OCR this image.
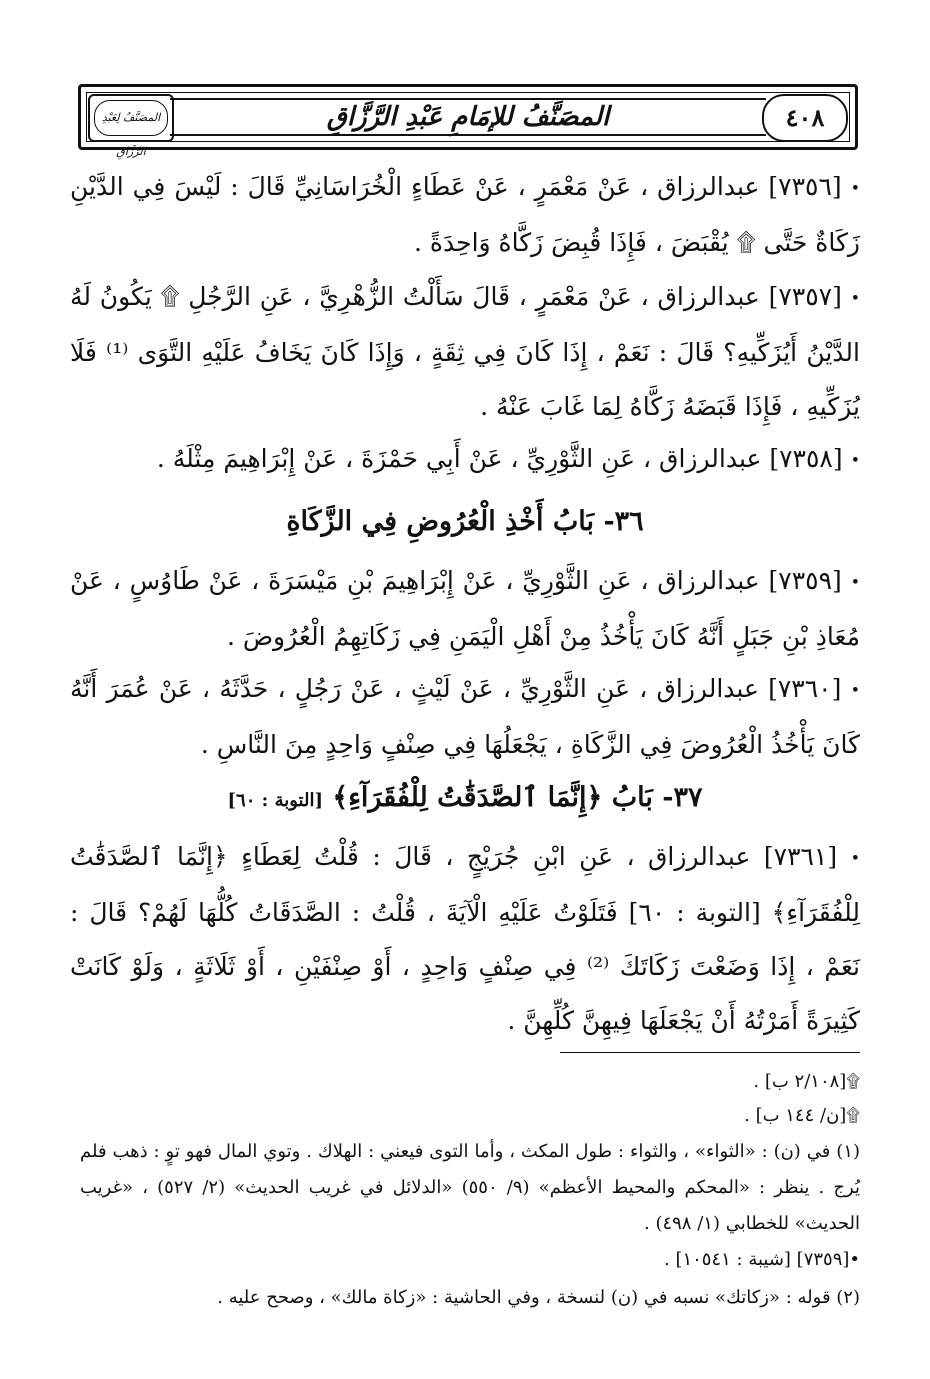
٤٠٨
المصَنَّفُ للإمَامِ عَبْدِ الرَّزَّاقِ
المصَنَّفُ لِعَبْدِ الرَّزَّاقِ
• [٧٣٥٦] عبدالرزاق ، عَنْ مَعْمَرٍ ، عَنْ عَطَاءٍ الْخُرَاسَانِيِّ قَالَ : لَيْسَ فِي الدَّيْنِ زَكَاةٌ حَتَّى ۩ يُقْبَضَ ، فَإِذَا قُبِضَ زَكَّاهُ وَاحِدَةً .
• [٧٣٥٧] عبدالرزاق ، عَنْ مَعْمَرٍ ، قَالَ سَأَلْتُ الزُّهْرِيَّ ، عَنِ الرَّجُلِ ۩ يَكُونُ لَهُ الدَّيْنُ أَيُزَكِّيهِ؟ قَالَ : نَعَمْ ، إِذَا كَانَ فِي ثِقَةٍ ، وَإِذَا كَانَ يَخَافُ عَلَيْهِ التَّوَى ⁽¹⁾ فَلَا يُزَكِّيهِ ، فَإِذَا قَبَضَهُ زَكَّاهُ لِمَا غَابَ عَنْهُ .
• [٧٣٥٨] عبدالرزاق ، عَنِ الثَّوْرِيِّ ، عَنْ أَبِي حَمْزَةَ ، عَنْ إِبْرَاهِيمَ مِثْلَهُ .
٣٦- بَابُ أَخْذِ الْعُرُوضِ فِي الزَّكَاةِ
• [٧٣٥٩] عبدالرزاق ، عَنِ الثَّوْرِيِّ ، عَنْ إِبْرَاهِيمَ بْنِ مَيْسَرَةَ ، عَنْ طَاوُسٍ ، عَنْ مُعَاذِ بْنِ جَبَلٍ أَنَّهُ كَانَ يَأْخُذُ مِنْ أَهْلِ الْيَمَنِ فِي زَكَاتِهِمُ الْعُرُوضَ .
• [٧٣٦٠] عبدالرزاق ، عَنِ الثَّوْرِيِّ ، عَنْ لَيْثٍ ، عَنْ رَجُلٍ ، حَدَّثَهُ ، عَنْ عُمَرَ أَنَّهُ كَانَ يَأْخُذُ الْعُرُوضَ فِي الزَّكَاةِ ، يَجْعَلُهَا فِي صِنْفٍ وَاحِدٍ مِنَ النَّاسِ .
٣٧- بَابُ ﴿إِنَّمَا ٱلصَّدَقَٰتُ لِلْفُقَرَآءِ﴾ [التوبة : ٦٠]
• [٧٣٦١] عبدالرزاق ، عَنِ ابْنِ جُرَيْجٍ ، قَالَ : قُلْتُ لِعَطَاءٍ ﴿إِنَّمَا ٱلصَّدَقَٰتُ لِلْفُقَرَآءِ﴾ [التوبة : ٦٠] فَتَلَوْتُ عَلَيْهِ الْآيَةَ ، قُلْتُ : الصَّدَقَاتُ كُلُّهَا لَهُمْ؟ قَالَ : نَعَمْ ، إِذَا وَضَعْتَ زَكَاتَكَ ⁽²⁾ فِي صِنْفٍ وَاحِدٍ ، أَوْ صِنْفَيْنِ ، أَوْ ثَلَاثَةٍ ، وَلَوْ كَانَتْ كَثِيرَةً أَمَرْتُهُ أَنْ يَجْعَلَهَا فِيهِنَّ كُلِّهِنَّ .
۩[٢/١٠٨ ب] .
۩[ن/ ١٤٤ ب] .
(١) في (ن) : «الثواء» ، والثواء : طول المكث ، وأما التوى فيعني : الهلاك . وتوي المال فهو توٍ : ذهب فلم يُرج . ينظر : «المحكم والمحيط الأعظم» (٩/ ٥٥٠) «الدلائل في غريب الحديث» (٢/ ٥٢٧) ، «غريب الحديث» للخطابي (١/ ٤٩٨) .
•[٧٣٥٩] [شيبة : ١٠٥٤١] .
(٢) قوله : «زكاتك» نسبه في (ن) لنسخة ، وفي الحاشية : «زكاة مالك» ، وصحح عليه .
